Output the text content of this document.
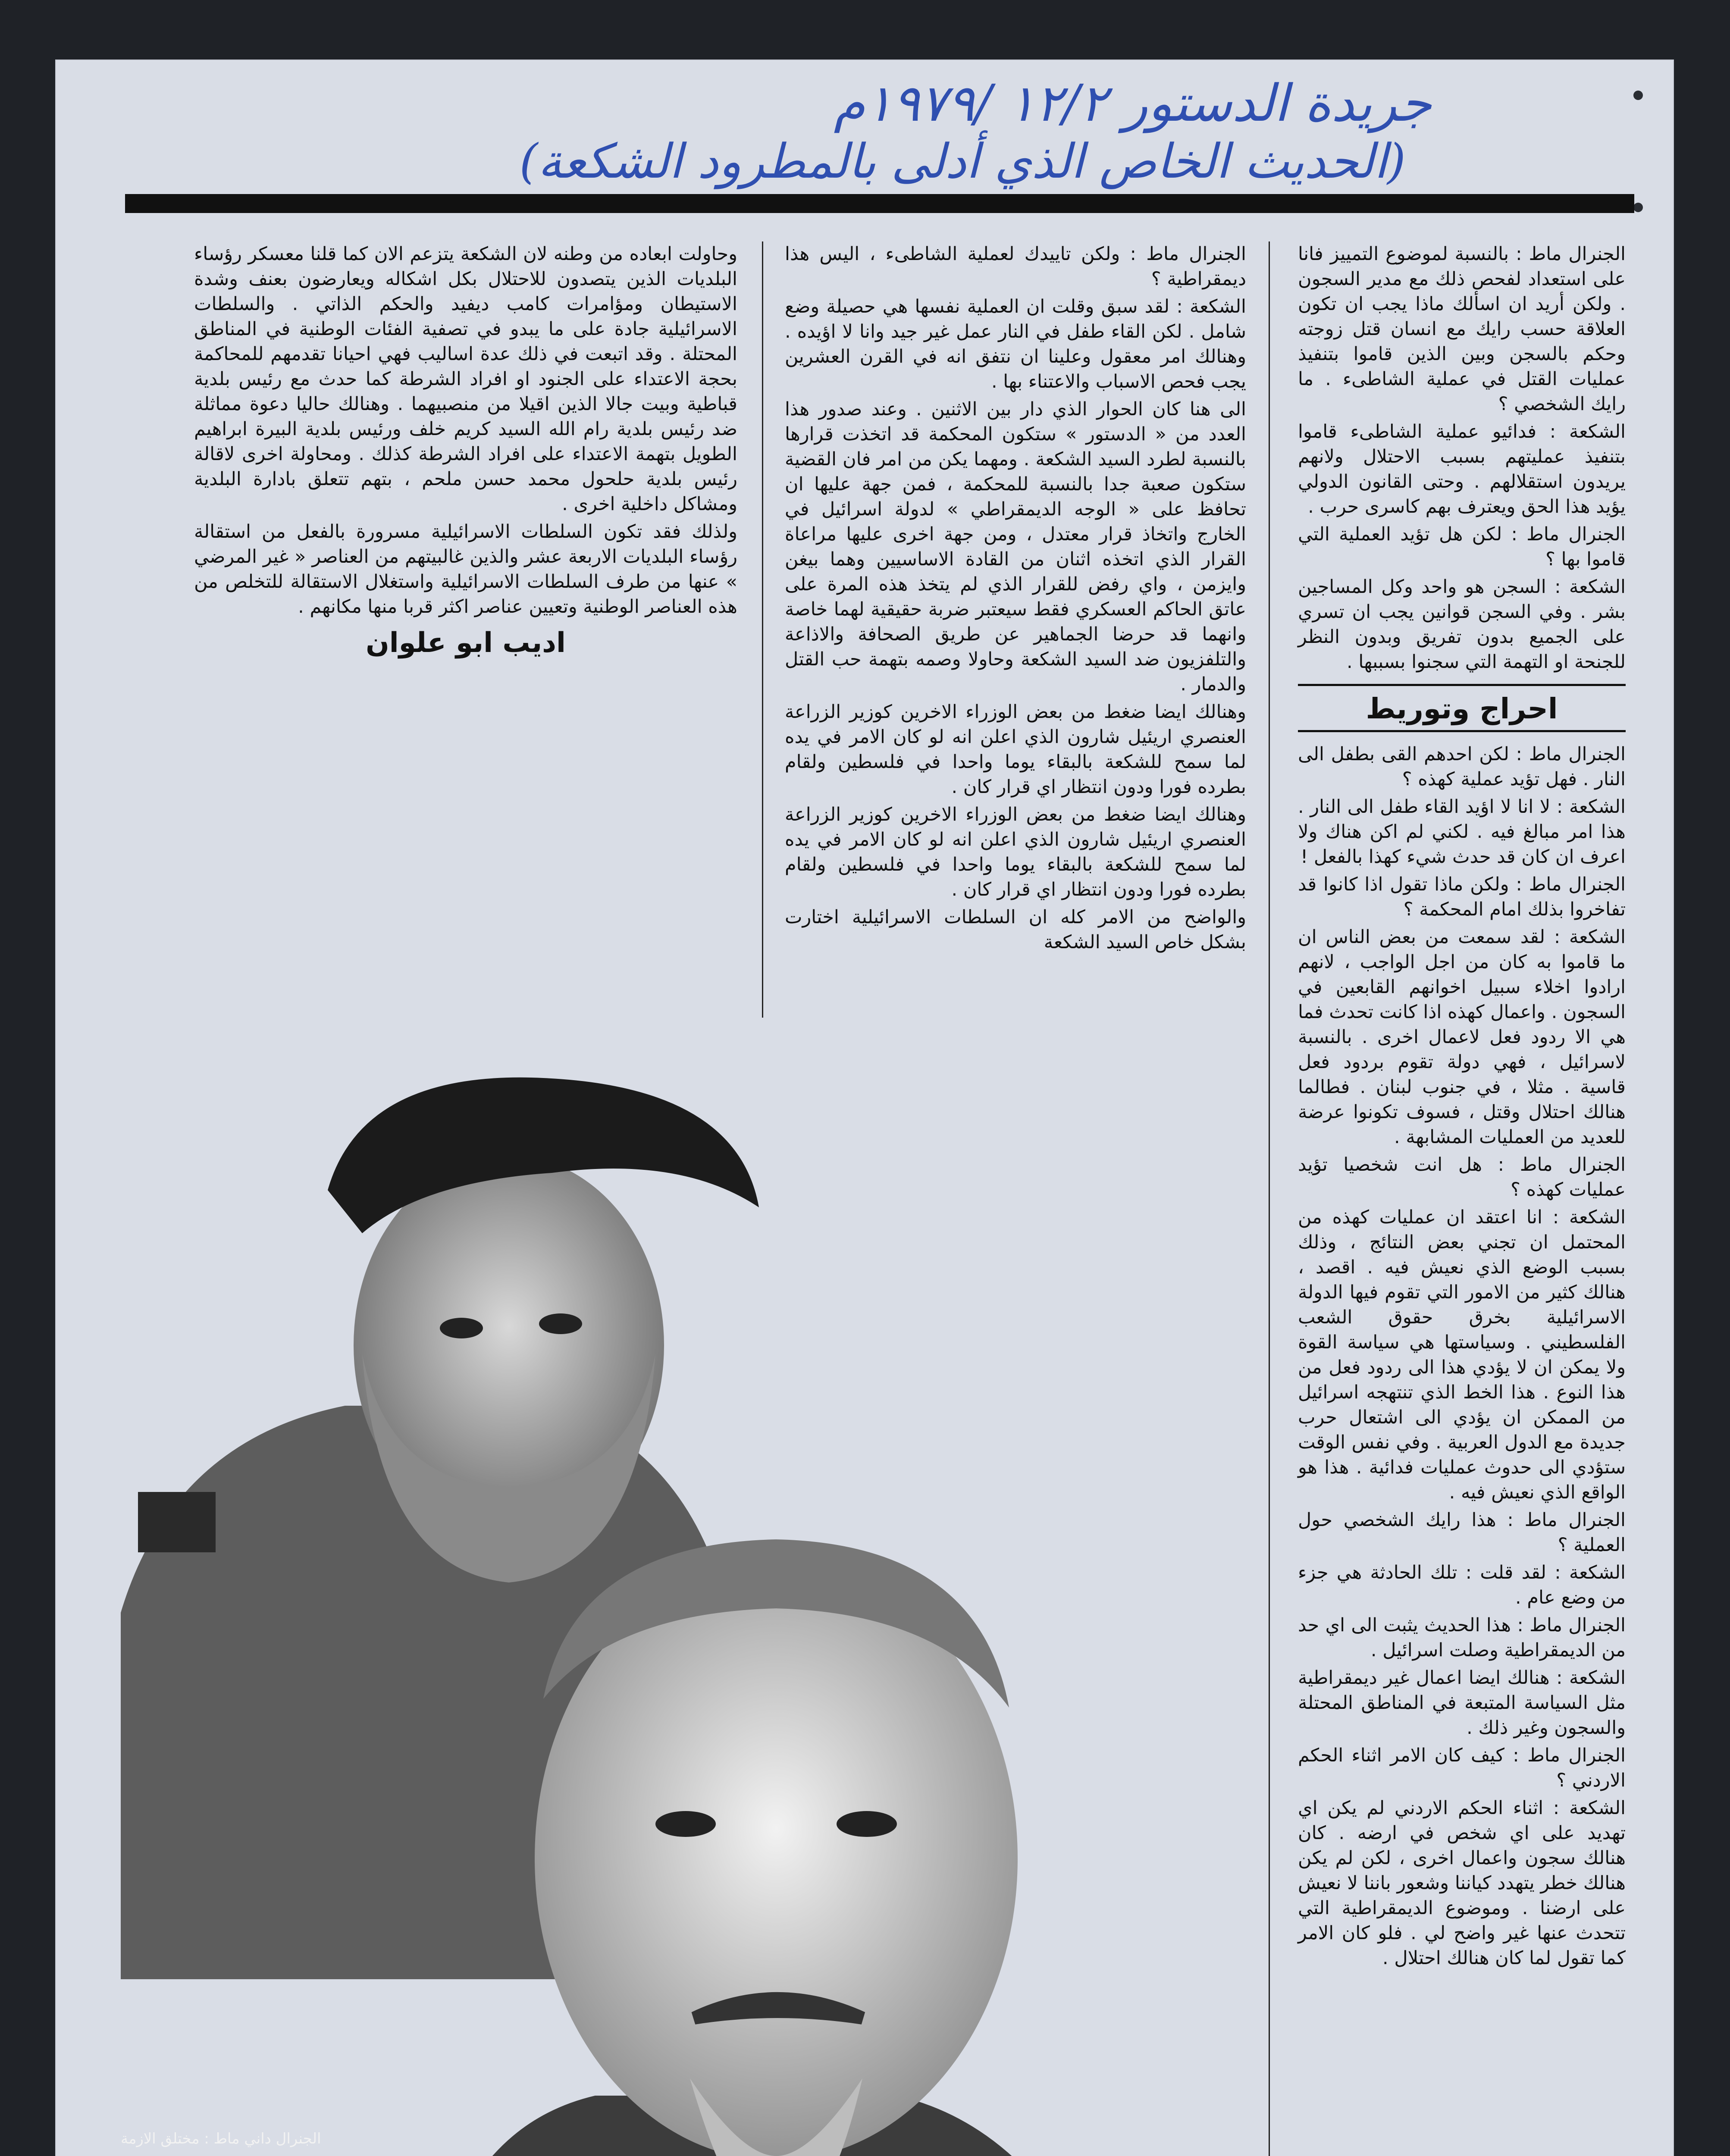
جريدة الدستور ١٢/٢ /١٩٧٩م
(الحديث الخاص الذي أدلى بالمطرود الشكعة)

الجنرال ماط : بالنسبة لموضوع التمييز فانا على استعداد لفحص ذلك مع مدير السجون . ولكن أريد ان اسألك ماذا يجب ان تكون العلاقة حسب رايك مع انسان قتل زوجته وحكم بالسجن وبين الذين قاموا بتنفيذ عمليات القتل في عملية الشاطىء . ما رايك الشخصي ؟

الشكعة : فدائيو عملية الشاطىء قاموا بتنفيذ عمليتهم بسبب الاحتلال ولانهم يريدون استقلالهم . وحتى القانون الدولي يؤيد هذا الحق ويعترف بهم كاسرى حرب .

الجنرال ماط : لكن هل تؤيد العملية التي قاموا بها ؟

الشكعة : السجن هو واحد وكل المساجين بشر . وفي السجن قوانين يجب ان تسري على الجميع بدون تفريق وبدون النظر للجنحة او التهمة التي سجنوا بسببها .

احراج وتوريط

الجنرال ماط : لكن احدهم القى بطفل الى النار . فهل تؤيد عملية كهذه ؟

الشكعة : لا انا لا اؤيد القاء طفل الى النار . هذا امر مبالغ فيه . لكني لم اكن هناك ولا اعرف ان كان قد حدث شيء كهذا بالفعل !

الجنرال ماط : ولكن ماذا تقول اذا كانوا قد تفاخروا بذلك امام المحكمة ؟

الشكعة : لقد سمعت من بعض الناس ان ما قاموا به كان من اجل الواجب ، لانهم ارادوا اخلاء سبيل اخوانهم القابعين في السجون . واعمال كهذه اذا كانت تحدث فما هي الا ردود فعل لاعمال اخرى . بالنسبة لاسرائيل ، فهي دولة تقوم بردود فعل قاسية . مثلا ، في جنوب لبنان . فطالما هنالك احتلال وقتل ، فسوف تكونوا عرضة للعديد من العمليات المشابهة .

الجنرال ماط : هل انت شخصيا تؤيد عمليات كهذه ؟

الشكعة : انا اعتقد ان عمليات كهذه من المحتمل ان تجني بعض النتائج ، وذلك بسبب الوضع الذي نعيش فيه . اقصد ، هنالك كثير من الامور التي تقوم فيها الدولة الاسرائيلية بخرق حقوق الشعب الفلسطيني . وسياستها هي سياسة القوة ولا يمكن ان لا يؤدي هذا الى ردود فعل من هذا النوع . هذا الخط الذي تنتهجه اسرائيل من الممكن ان يؤدي الى اشتعال حرب جديدة مع الدول العربية . وفي نفس الوقت ستؤدي الى حدوث عمليات فدائية . هذا هو الواقع الذي نعيش فيه .

الجنرال ماط : هذا رايك الشخصي حول العملية ؟

الشكعة : لقد قلت : تلك الحادثة هي جزء من وضع عام .

الجنرال ماط : هذا الحديث يثبت الى اي حد من الديمقراطية وصلت اسرائيل .

الشكعة : هنالك ايضا اعمال غير ديمقراطية مثل السياسة المتبعة في المناطق المحتلة والسجون وغير ذلك .

الجنرال ماط : كيف كان الامر اثناء الحكم الاردني ؟

الشكعة : اثناء الحكم الاردني لم يكن اي تهديد على اي شخص في ارضه . كان هنالك سجون واعمال اخرى ، لكن لم يكن هنالك خطر يتهدد كياننا وشعور باننا لا نعيش على ارضنا . وموضوع الديمقراطية التي تتحدث عنها غير واضح لي . فلو كان الامر كما تقول لما كان هنالك احتلال .

الجنرال ماط : ولكن تاييدك لعملية الشاطىء ، اليس هذا ديمقراطية ؟

الشكعة : لقد سبق وقلت ان العملية نفسها هي حصيلة وضع شامل . لكن القاء طفل في النار عمل غير جيد وانا لا اؤيده . وهنالك امر معقول وعلينا ان نتفق انه في القرن العشرين يجب فحص الاسباب والاعتناء بها .

الى هنا كان الحوار الذي دار بين الاثنين . وعند صدور هذا العدد من « الدستور » ستكون المحكمة قد اتخذت قرارها بالنسبة لطرد السيد الشكعة . ومهما يكن من امر فان القضية ستكون صعبة جدا بالنسبة للمحكمة ، فمن جهة عليها ان تحافظ على « الوجه الديمقراطي » لدولة اسرائيل في الخارج واتخاذ قرار معتدل ، ومن جهة اخرى عليها مراعاة القرار الذي اتخذه اثنان من القادة الاساسيين وهما بيغن وايزمن ، واي رفض للقرار الذي لم يتخذ هذه المرة على عاتق الحاكم العسكري فقط سيعتبر ضربة حقيقية لهما خاصة وانهما قد حرضا الجماهير عن طريق الصحافة والاذاعة والتلفزيون ضد السيد الشكعة وحاولا وصمه بتهمة حب القتل والدمار .

وهنالك ايضا ضغط من بعض الوزراء الاخرين كوزير الزراعة العنصري اريئيل شارون الذي اعلن انه لو كان الامر في يده لما سمح للشكعة بالبقاء يوما واحدا في فلسطين ولقام بطرده فورا ودون انتظار اي قرار كان .

وهنالك ايضا ضغط من بعض الوزراء الاخرين كوزير الزراعة العنصري اريئيل شارون الذي اعلن انه لو كان الامر في يده لما سمح للشكعة بالبقاء يوما واحدا في فلسطين ولقام بطرده فورا ودون انتظار اي قرار كان .

والواضح من الامر كله ان السلطات الاسرائيلية اختارت بشكل خاص السيد الشكعة

وحاولت ابعاده من وطنه لان الشكعة يتزعم الان كما قلنا معسكر رؤساء البلديات الذين يتصدون للاحتلال بكل اشكاله ويعارضون بعنف وشدة الاستيطان ومؤامرات كامب ديفيد والحكم الذاتي . والسلطات الاسرائيلية جادة على ما يبدو في تصفية الفئات الوطنية في المناطق المحتلة . وقد اتبعت في ذلك عدة اساليب فهي احيانا تقدمهم للمحاكمة بحجة الاعتداء على الجنود او افراد الشرطة كما حدث مع رئيس بلدية قباطية وبيت جالا الذين اقيلا من منصبيهما . وهنالك حاليا دعوة مماثلة ضد رئيس بلدية رام الله السيد كريم خلف ورئيس بلدية البيرة ابراهيم الطويل بتهمة الاعتداء على افراد الشرطة كذلك . ومحاولة اخرى لاقالة رئيس بلدية حلحول محمد حسن ملحم ، بتهم تتعلق بادارة البلدية ومشاكل داخلية اخرى .

ولذلك فقد تكون السلطات الاسرائيلية مسرورة بالفعل من استقالة رؤساء البلديات الاربعة عشر والذين غالبيتهم من العناصر « غير المرضي » عنها من طرف السلطات الاسرائيلية واستغلال الاستقالة للتخلص من هذه العناصر الوطنية وتعيين عناصر اكثر قربا منها مكانهم .

اديب ابو علوان
الجنرال داني ماط : مختلق الازمة
